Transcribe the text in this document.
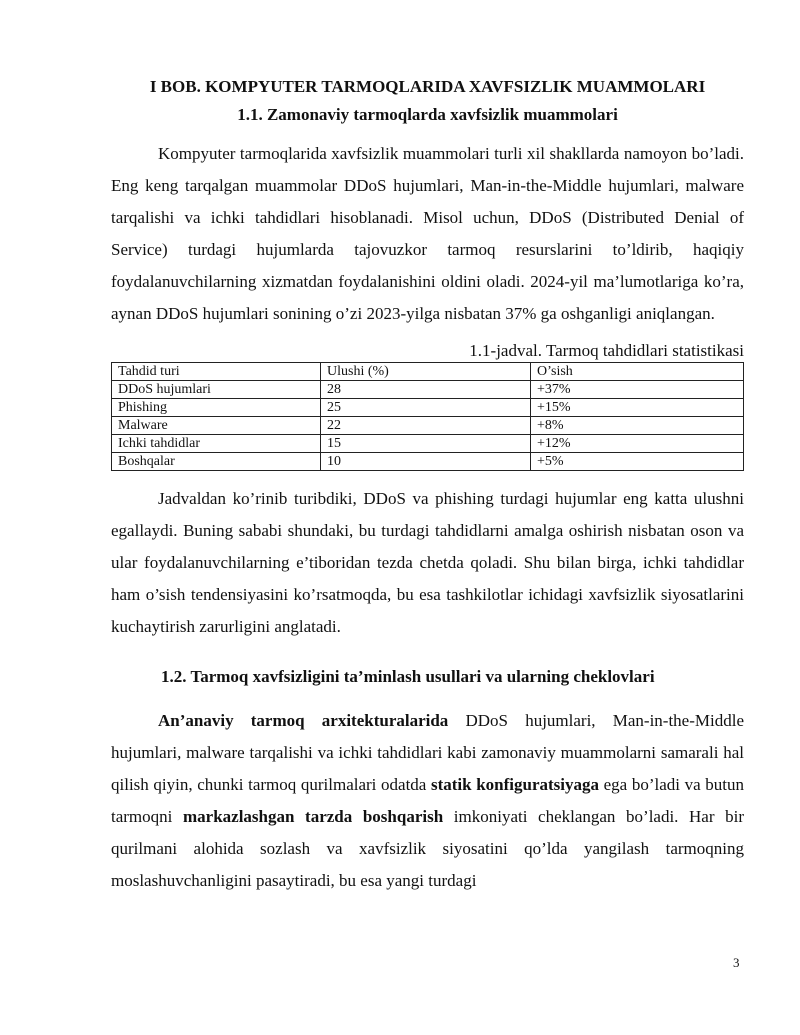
I BOB. KOMPYUTER TARMOQLARIDA XAVFSIZLIK MUAMMOLARI
1.1. Zamonaviy tarmoqlarda xavfsizlik muammolari

Kompyuter tarmoqlarida xavfsizlik muammolari turli xil shakllarda namoyon bo’ladi. Eng keng tarqalgan muammolar DDoS hujumlari, Man-in-the-Middle hujumlari, malware tarqalishi va ichki tahdidlari hisoblanadi. Misol uchun, DDoS (Distributed Denial of Service) turdagi hujumlarda tajovuzkor tarmoq resurslarini to’ldirib, haqiqiy foydalanuvchilarning xizmatdan foydalanishini oldini oladi. 2024-yil ma’lumotlariga ko’ra, aynan DDoS hujumlari sonining o’zi 2023-yilga nisbatan 37% ga oshganligi aniqlangan.

1.1-jadval. Tarmoq tahdidlari statistikasi
Tahdid turi	Ulushi (%)	O’sish
DDoS hujumlari	28	+37%
Phishing	25	+15%
Malware	22	+8%
Ichki tahdidlar	15	+12%
Boshqalar	10	+5%

Jadvaldan ko’rinib turibdiki, DDoS va phishing turdagi hujumlar eng katta ulushni egallaydi. Buning sababi shundaki, bu turdagi tahdidlarni amalga oshirish nisbatan oson va ular foydalanuvchilarning e’tiboridan tezda chetda qoladi. Shu bilan birga, ichki tahdidlar ham o’sish tendensiyasini ko’rsatmoqda, bu esa tashkilotlar ichidagi xavfsizlik siyosatlarini kuchaytirish zarurligini anglatadi.

1.2. Tarmoq xavfsizligini ta’minlash usullari va ularning cheklovlari

An’anaviy tarmoq arxitekturalarida DDoS hujumlari, Man-in-the-Middle hujumlari, malware tarqalishi va ichki tahdidlari kabi zamonaviy muammolarni samarali hal qilish qiyin, chunki tarmoq qurilmalari odatda statik konfiguratsiyaga ega bo’ladi va butun tarmoqni markazlashgan tarzda boshqarish imkoniyati cheklangan bo’ladi. Har bir qurilmani alohida sozlash va xavfsizlik siyosatini qo’lda yangilash tarmoqning moslashuvchanligini pasaytiradi, bu esa yangi turdagi

3
